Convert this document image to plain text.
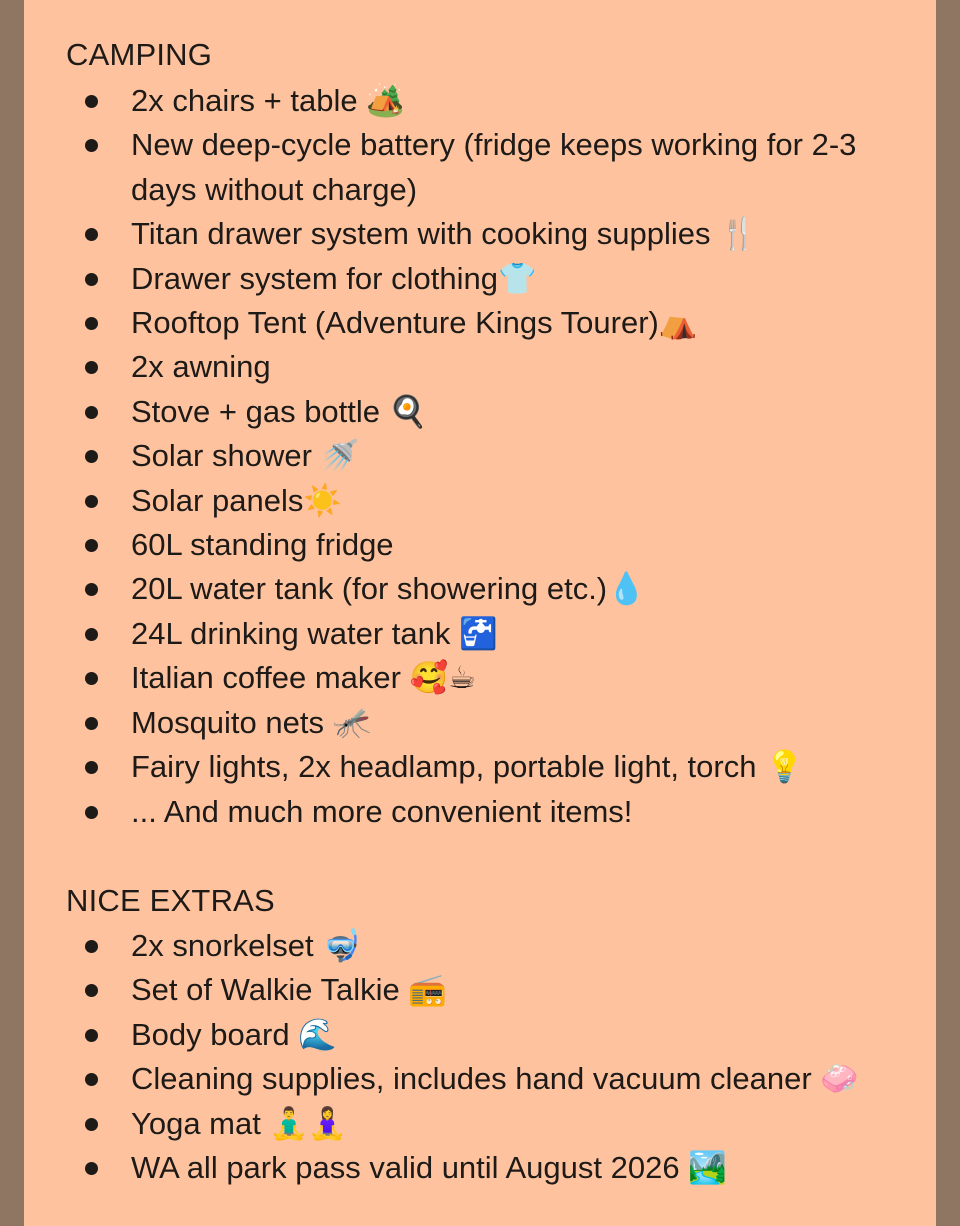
CAMPING
2x chairs + table 🏕️
New deep-cycle battery (fridge keeps working for 2-3 days without charge)
Titan drawer system with cooking supplies 🍴
Drawer system for clothing👕
Rooftop Tent (Adventure Kings Tourer)⛺
2x awning
Stove + gas bottle 🍳
Solar shower 🚿
Solar panels☀️
60L standing fridge
20L water tank (for showering etc.)💧
24L drinking water tank 🚰
Italian coffee maker 🥰☕
Mosquito nets 🦟
Fairy lights, 2x headlamp, portable light, torch 💡
... And much more convenient items!
NICE EXTRAS
2x snorkelset 🤿
Set of Walkie Talkie 📻
Body board 🌊
Cleaning supplies, includes hand vacuum cleaner 🧼
Yoga mat 🧘‍♂️🧘‍♀️
WA all park pass valid until August 2026 🏞️
